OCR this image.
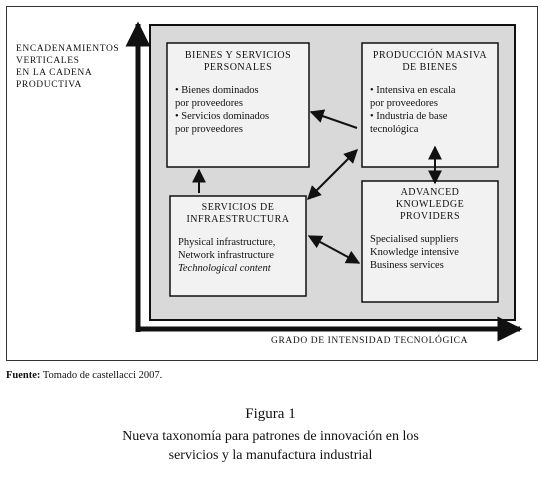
ENCADENAMIENTOS
VERTICALES
EN LA CADENA
PRODUCTIVA
GRADO DE INTENSIDAD TECNOLÓGICA
BIENES Y SERVICIOS
PERSONALES
• Bienes dominados
por proveedores
• Servicios dominados
por proveedores
PRODUCCIÓN MASIVA
DE BIENES
• Intensiva en escala
por proveedores
• Industria de base
tecnológica
SERVICIOS DE
INFRAESTRUCTURA
Physical infrastructure,
Network infrastructure
Technological content
ADVANCED
KNOWLEDGE
PROVIDERS
Specialised suppliers
Knowledge intensive
Business services
Fuente: Tomado de castellacci 2007.
Figura 1
Nueva taxonomía para patrones de innovación en los
servicios y la manufactura industrial
